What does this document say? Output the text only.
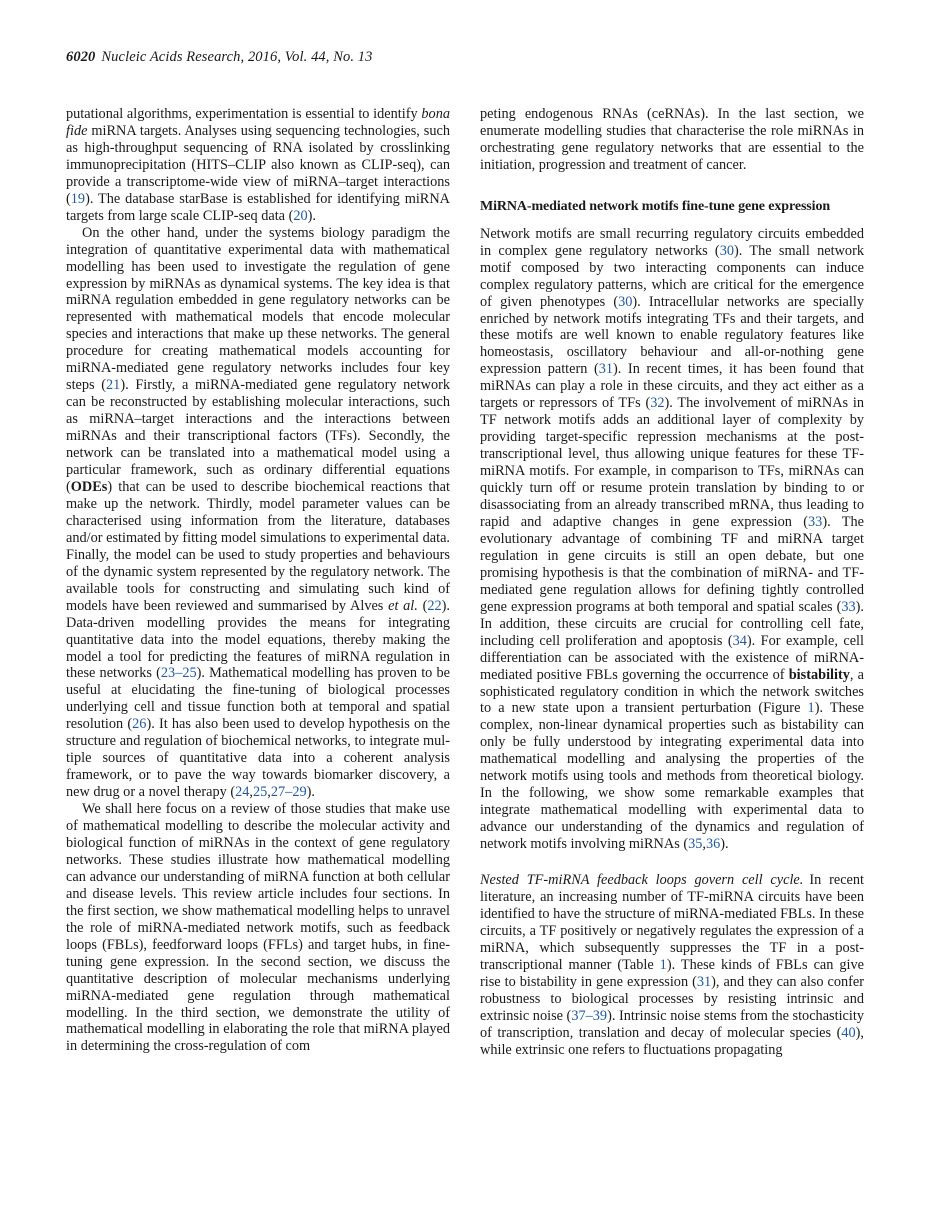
6020 Nucleic Acids Research, 2016, Vol. 44, No. 13

putational algorithms, experimentation is essential to identify bona fide miRNA targets. Analyses using sequencing technologies, such as high-throughput sequencing of RNA isolated by crosslinking immunoprecipitation (HITS–CLIP also known as CLIP-seq), can provide a transcriptome-wide view of miRNA–target interactions (19). The database starBase is established for identifying miRNA targets from large scale CLIP-seq data (20).

On the other hand, under the systems biology paradigm the integration of quantitative experimental data with mathematical modelling has been used to investigate the regulation of gene expression by miRNAs as dynamical systems. The key idea is that miRNA regulation embedded in gene regulatory networks can be represented with mathematical models that encode molecular species and interactions that make up these networks. The general procedure for creating mathematical models accounting for miRNA-mediated gene regulatory networks includes four key steps (21). Firstly, a miRNA-mediated gene regulatory network can be reconstructed by establishing molecular interactions, such as miRNA–target interactions and the interactions between miRNAs and their transcriptional factors (TFs). Secondly, the network can be translated into a mathematical model using a particular framework, such as ordinary differential equations (ODEs) that can be used to describe biochemical reactions that make up the network. Thirdly, model parameter values can be characterised using information from the literature, databases and/or estimated by fitting model simulations to experimental data. Finally, the model can be used to study properties and behaviours of the dynamic system represented by the regulatory network. The available tools for constructing and simulating such kind of models have been reviewed and summarised by Alves et al. (22). Data-driven modelling provides the means for integrating quantitative data into the model equations, thereby making the model a tool for predicting the features of miRNA regulation in these networks (23–25). Mathematical modelling has proven to be useful at elucidating the fine-tuning of biological processes underlying cell and tissue function both at temporal and spatial resolution (26). It has also been used to develop hypothesis on the structure and regulation of biochemical networks, to integrate multiple sources of quantitative data into a coherent analysis framework, or to pave the way towards biomarker discovery, a new drug or a novel therapy (24,25,27–29).

We shall here focus on a review of those studies that make use of mathematical modelling to describe the molecular activity and biological function of miRNAs in the context of gene regulatory networks. These studies illustrate how mathematical modelling can advance our understanding of miRNA function at both cellular and disease levels. This review article includes four sections. In the first section, we show mathematical modelling helps to unravel the role of miRNA-mediated network motifs, such as feedback loops (FBLs), feedforward loops (FFLs) and target hubs, in fine-tuning gene expression. In the second section, we discuss the quantitative description of molecular mechanisms underlying miRNA-mediated gene regulation through mathematical modelling. In the third section, we demonstrate the utility of mathematical modelling in elaborating the role that miRNA played in determining the cross-regulation of com

peting endogenous RNAs (ceRNAs). In the last section, we enumerate modelling studies that characterise the role miRNAs in orchestrating gene regulatory networks that are essential to the initiation, progression and treatment of cancer.

MiRNA-mediated network motifs fine-tune gene expression

Network motifs are small recurring regulatory circuits embedded in complex gene regulatory networks (30). The small network motif composed by two interacting components can induce complex regulatory patterns, which are critical for the emergence of given phenotypes (30). Intracellular networks are specially enriched by network motifs integrating TFs and their targets, and these motifs are well known to enable regulatory features like homeostasis, oscillatory behaviour and all-or-nothing gene expression pattern (31). In recent times, it has been found that miRNAs can play a role in these circuits, and they act either as a targets or repressors of TFs (32). The involvement of miRNAs in TF network motifs adds an additional layer of complexity by providing target-specific repression mechanisms at the post-transcriptional level, thus allowing unique features for these TF-miRNA motifs. For example, in comparison to TFs, miRNAs can quickly turn off or resume protein translation by binding to or disassociating from an already transcribed mRNA, thus leading to rapid and adaptive changes in gene expression (33). The evolutionary advantage of combining TF and miRNA target regulation in gene circuits is still an open debate, but one promising hypothesis is that the combination of miRNA- and TF-mediated gene regulation allows for defining tightly controlled gene expression programs at both temporal and spatial scales (33). In addition, these circuits are crucial for controlling cell fate, including cell proliferation and apoptosis (34). For example, cell differentiation can be associated with the existence of miRNA-mediated positive FBLs governing the occurrence of bistability, a sophisticated regulatory condition in which the network switches to a new state upon a transient perturbation (Figure 1). These complex, non-linear dynamical properties such as bistability can only be fully understood by integrating experimental data into mathematical modelling and analysing the properties of the network motifs using tools and methods from theoretical biology. In the following, we show some remarkable examples that integrate mathematical modelling with experimental data to advance our understanding of the dynamics and regulation of network motifs involving miRNAs (35,36).

Nested TF-miRNA feedback loops govern cell cycle. In recent literature, an increasing number of TF-miRNA circuits have been identified to have the structure of miRNA-mediated FBLs. In these circuits, a TF positively or negatively regulates the expression of a miRNA, which subsequently suppresses the TF in a post-transcriptional manner (Table 1). These kinds of FBLs can give rise to bistability in gene expression (31), and they can also confer robustness to biological processes by resisting intrinsic and extrinsic noise (37–39). Intrinsic noise stems from the stochasticity of transcription, translation and decay of molecular species (40), while extrinsic one refers to fluctuations propagating
